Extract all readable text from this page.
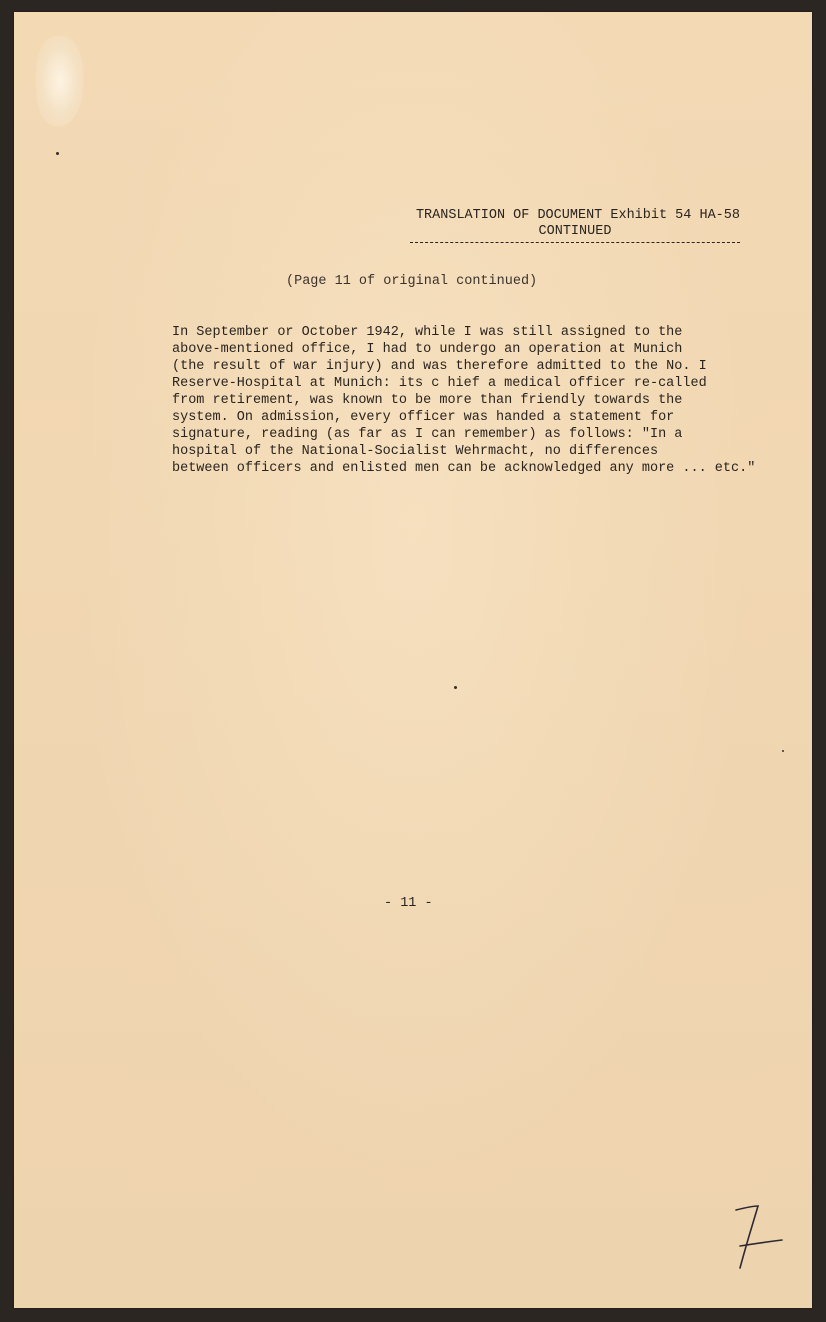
TRANSLATION OF DOCUMENT Exhibit 54 HA-58
CONTINUED
(Page 11 of original continued)
In September or October 1942, while I was still assigned to the
above-mentioned office, I had to undergo an operation at Munich
(the result of war injury) and was therefore admitted to the No. I
Reserve-Hospital at Munich: its c hief a medical officer re-called
from retirement, was known to be more than friendly towards the
system. On admission, every officer was handed a statement for
signature, reading (as far as I can remember) as follows: "In a
hospital of the National-Socialist Wehrmacht, no differences
between officers and enlisted men can be acknowledged any more ... etc."
- 11 -
